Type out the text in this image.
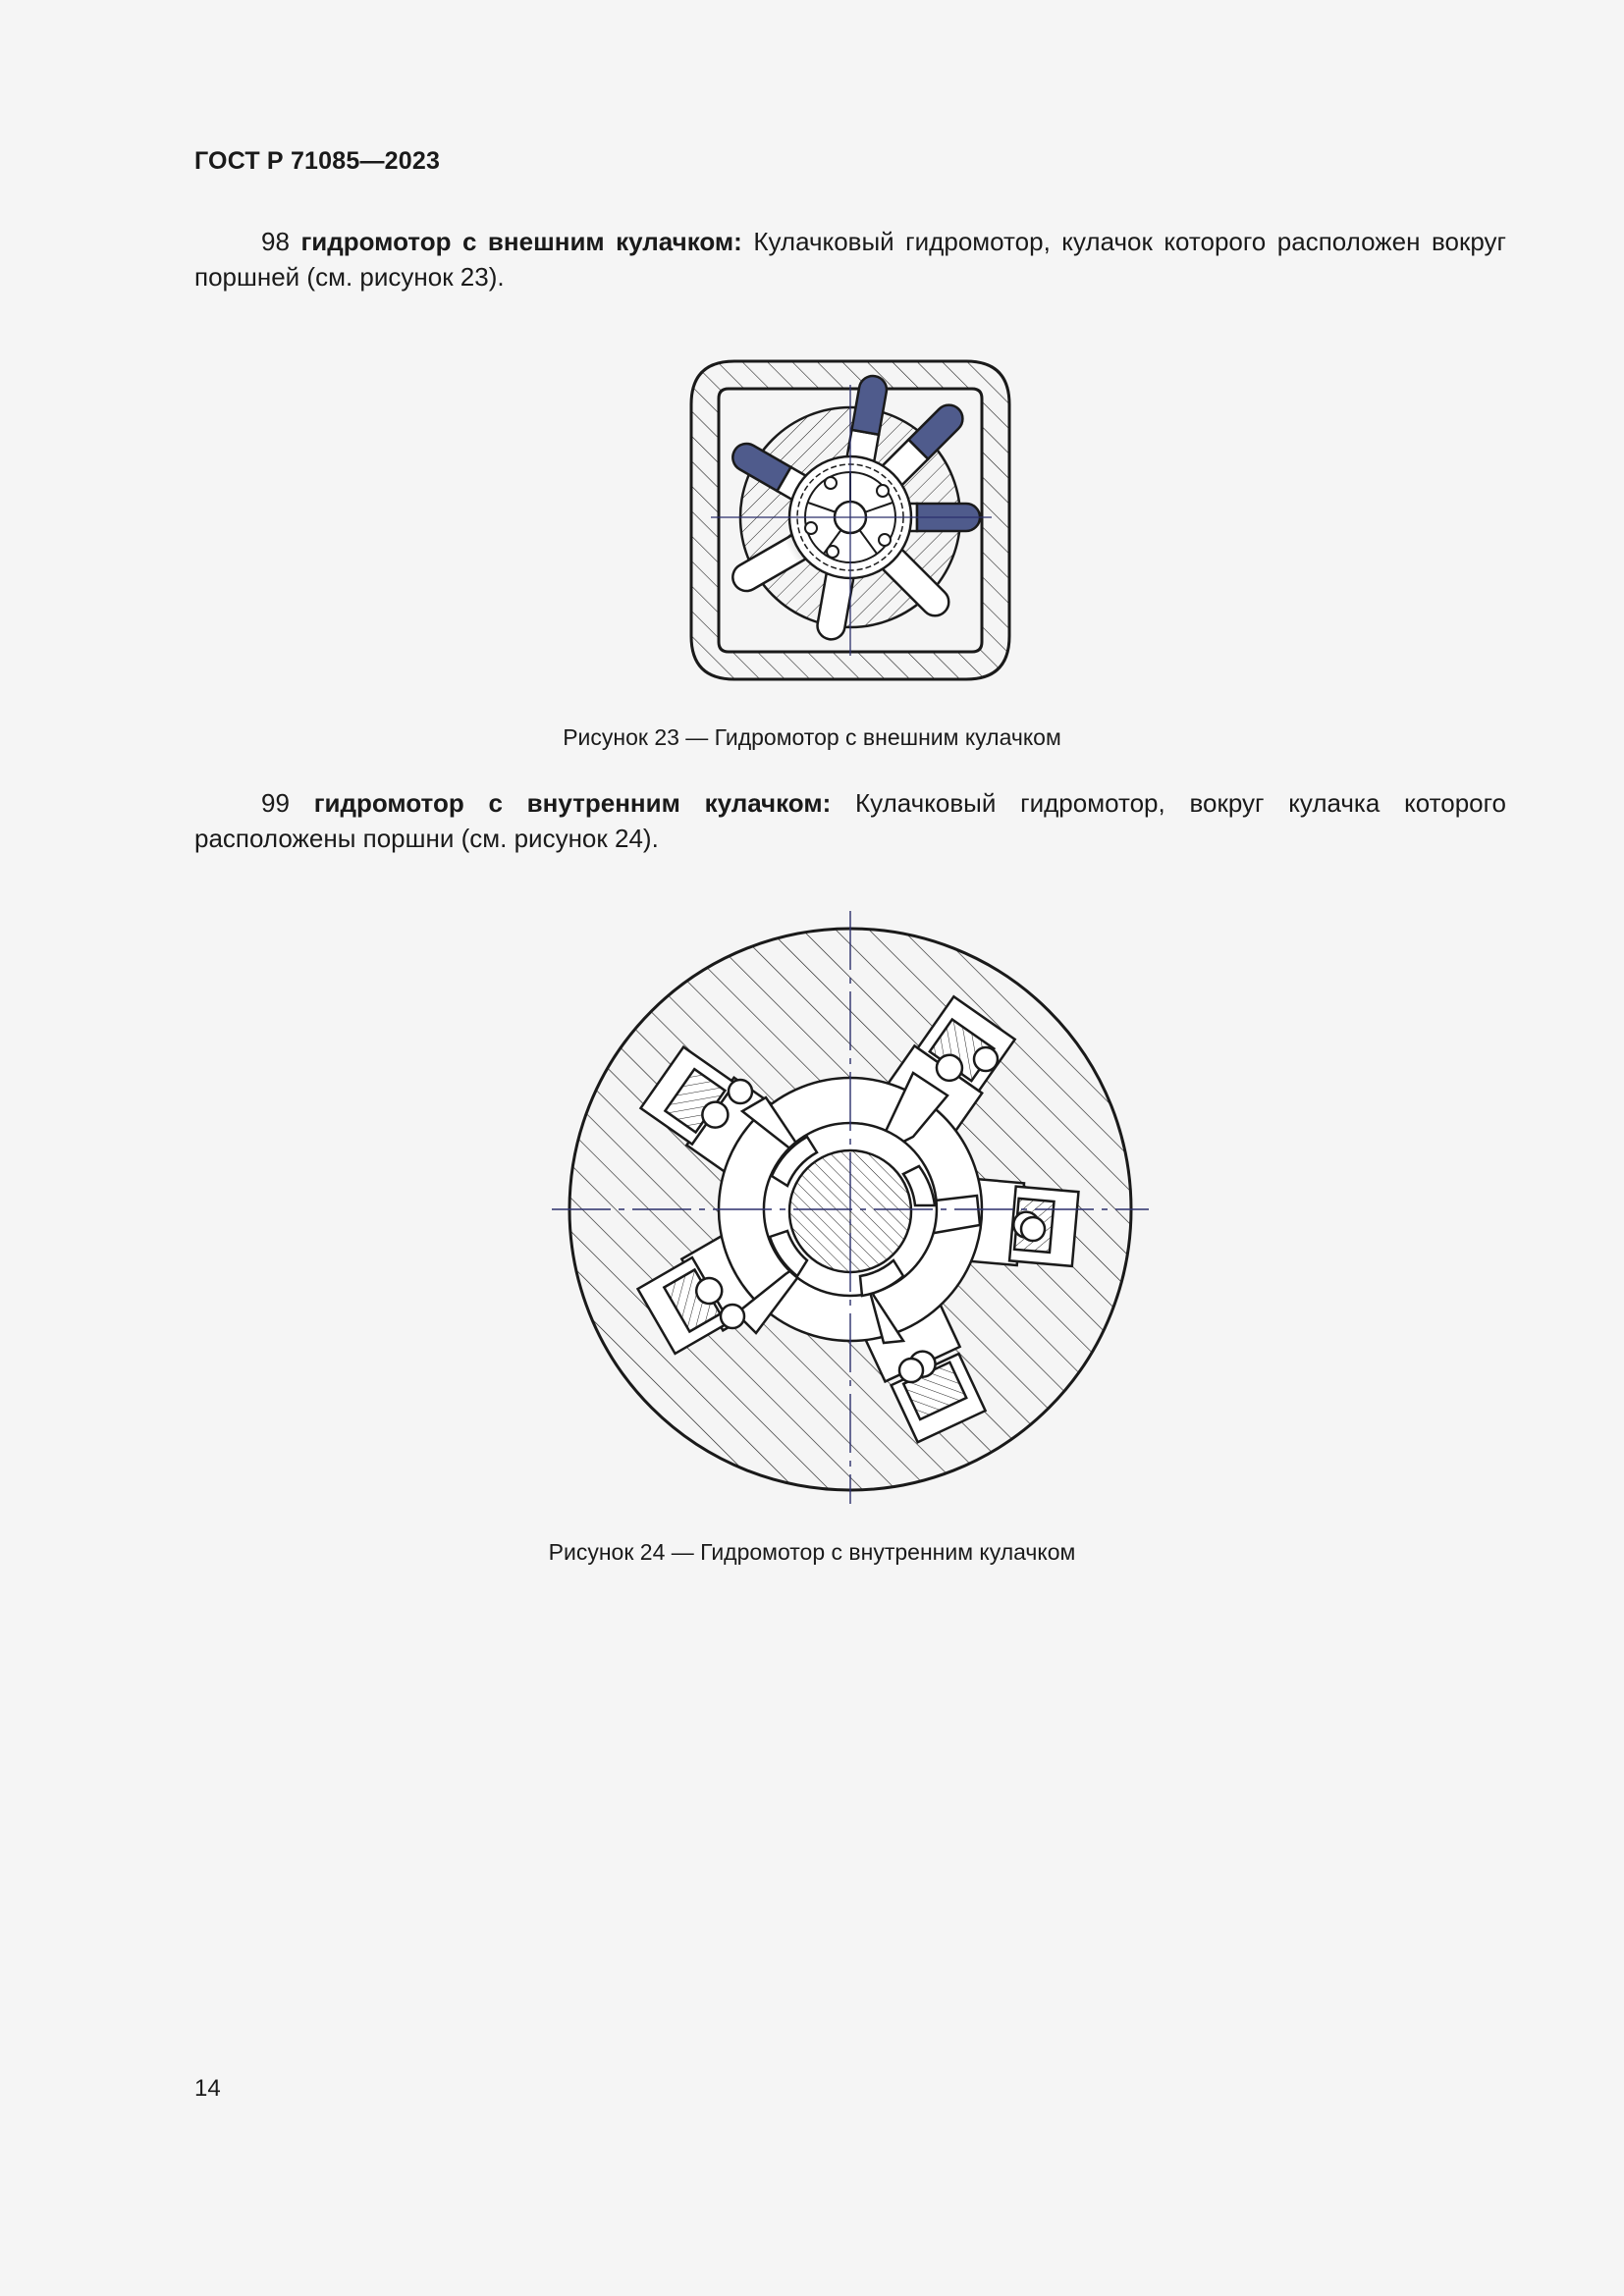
ГОСТ Р 71085—2023

98 гидромотор с внешним кулачком: Кулачковый гидромотор, кулачок которого расположен вокруг поршней (см. рисунок 23).

Рисунок 23 — Гидромотор с внешним кулачком

99 гидромотор с внутренним кулачком: Кулачковый гидромотор, вокруг кулачка которого расположены поршни (см. рисунок 24).

Рисунок 24 — Гидромотор с внутренним кулачком
14
